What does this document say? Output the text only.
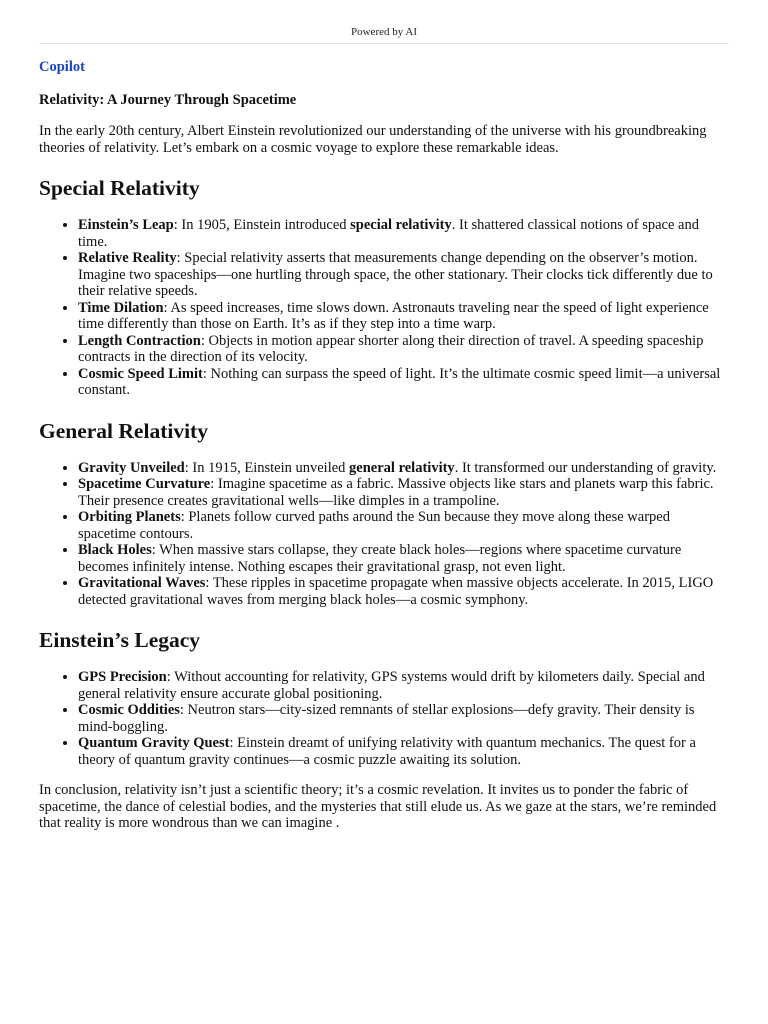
Powered by AI
Copilot
Relativity: A Journey Through Spacetime

In the early 20th century, Albert Einstein revolutionized our understanding of the universe with his groundbreaking theories of relativity. Let’s embark on a cosmic voyage to explore these remarkable ideas.

Special Relativity
• Einstein’s Leap: In 1905, Einstein introduced special relativity. It shattered classical notions of space and time.
• Relative Reality: Special relativity asserts that measurements change depending on the observer’s motion. Imagine two spaceships—one hurtling through space, the other stationary. Their clocks tick differently due to their relative speeds.
• Time Dilation: As speed increases, time slows down. Astronauts traveling near the speed of light experience time differently than those on Earth. It’s as if they step into a time warp.
• Length Contraction: Objects in motion appear shorter along their direction of travel. A speeding spaceship contracts in the direction of its velocity.
• Cosmic Speed Limit: Nothing can surpass the speed of light. It’s the ultimate cosmic speed limit—a universal constant.
General Relativity
• Gravity Unveiled: In 1915, Einstein unveiled general relativity. It transformed our understanding of gravity.
• Spacetime Curvature: Imagine spacetime as a fabric. Massive objects like stars and planets warp this fabric. Their presence creates gravitational wells—like dimples in a trampoline.
• Orbiting Planets: Planets follow curved paths around the Sun because they move along these warped spacetime contours.
• Black Holes: When massive stars collapse, they create black holes—regions where spacetime curvature becomes infinitely intense. Nothing escapes their gravitational grasp, not even light.
• Gravitational Waves: These ripples in spacetime propagate when massive objects accelerate. In 2015, LIGO detected gravitational waves from merging black holes—a cosmic symphony.
Einstein’s Legacy
• GPS Precision: Without accounting for relativity, GPS systems would drift by kilometers daily. Special and general relativity ensure accurate global positioning.
• Cosmic Oddities: Neutron stars—city-sized remnants of stellar explosions—defy gravity. Their density is mind-boggling.
• Quantum Gravity Quest: Einstein dreamt of unifying relativity with quantum mechanics. The quest for a theory of quantum gravity continues—a cosmic puzzle awaiting its solution.

In conclusion, relativity isn’t just a scientific theory; it’s a cosmic revelation. It invites us to ponder the fabric of spacetime, the dance of celestial bodies, and the mysteries that still elude us. As we gaze at the stars, we’re reminded that reality is more wondrous than we can imagine .
